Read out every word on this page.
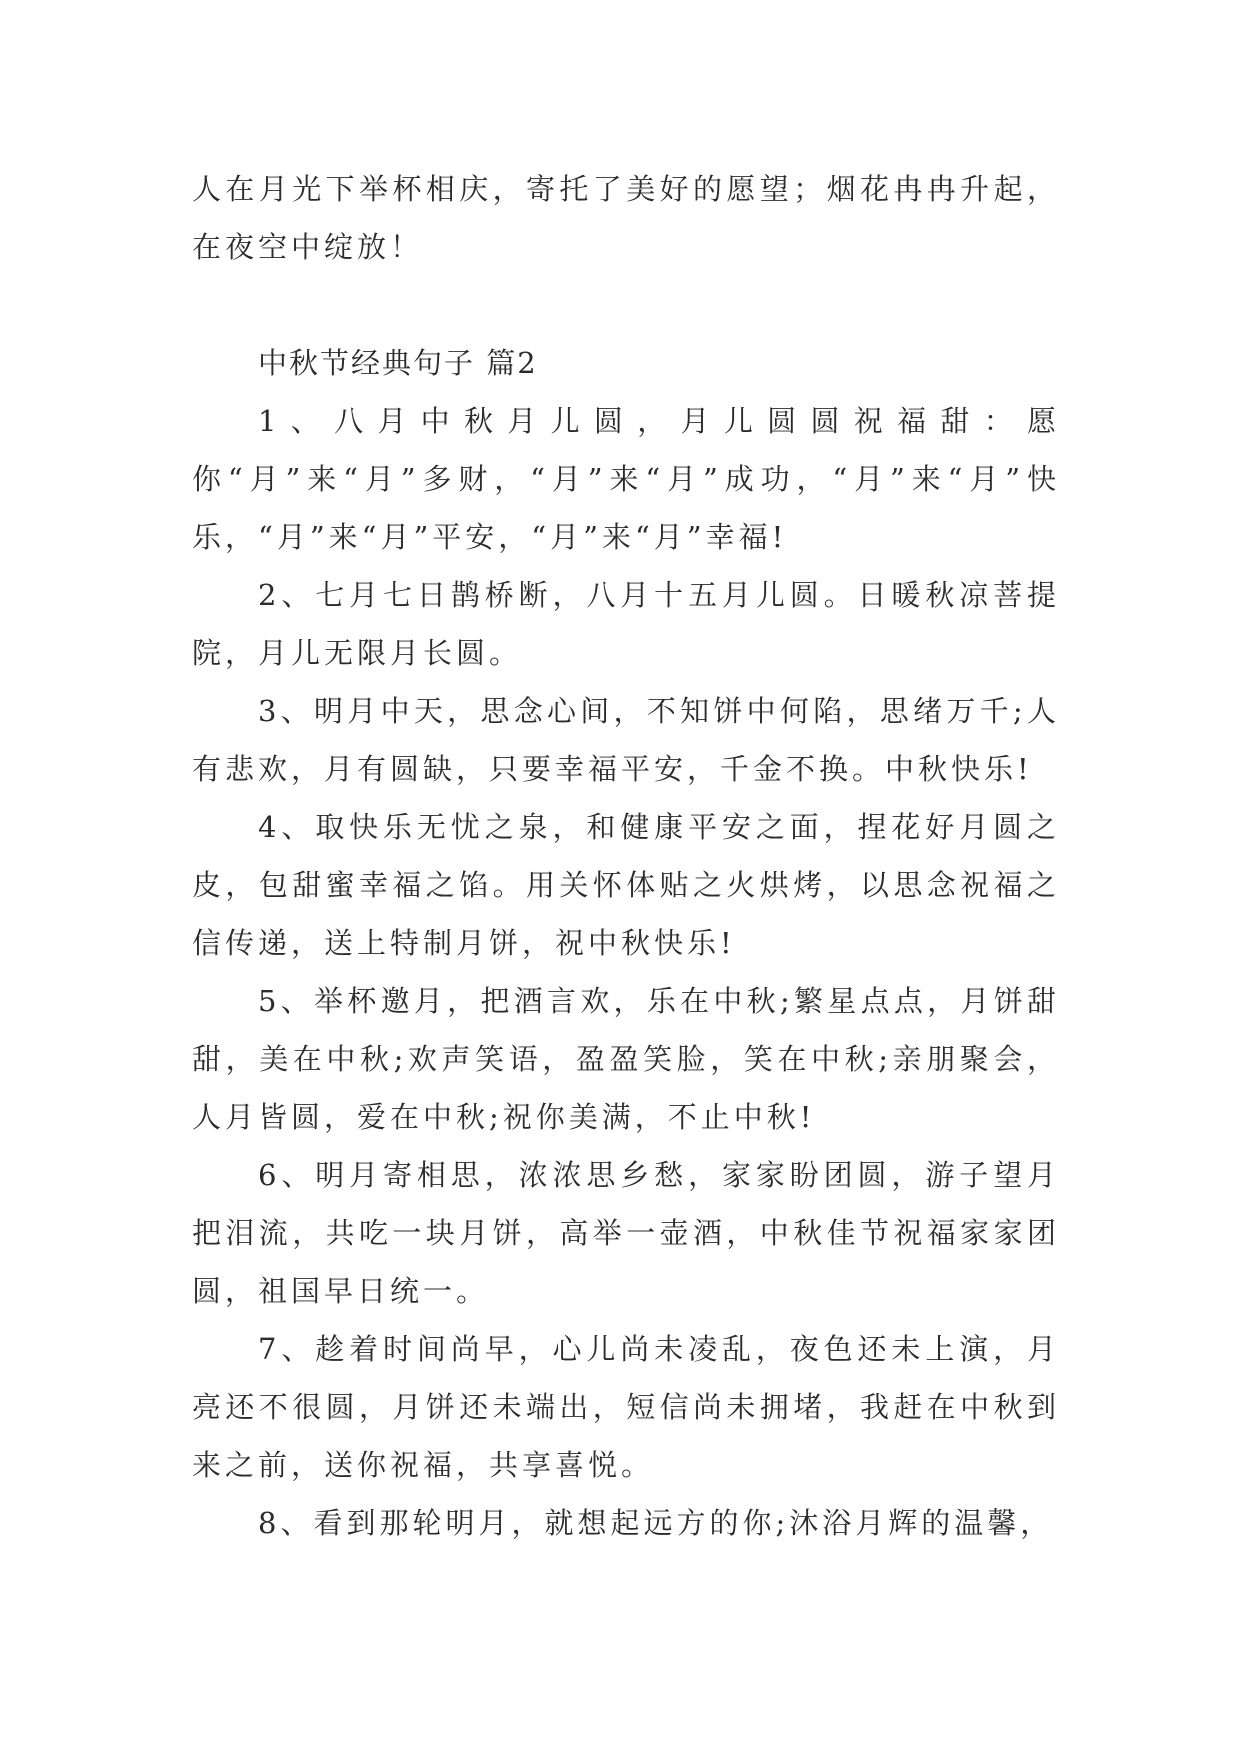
人在月光下举杯相庆，寄托了美好的愿望；烟花冉冉升起，在夜空中绽放！

中秋节经典句子 篇2

1、八月中秋月儿圆，月儿圆圆祝福甜：愿你“月”来“月”多财，“月”来“月”成功，“月”来“月”快乐，“月”来“月”平安，“月”来“月”幸福!

2、七月七日鹊桥断，八月十五月儿圆。日暖秋凉菩提院，月儿无限月长圆。

3、明月中天，思念心间，不知饼中何陷，思绪万千;人有悲欢，月有圆缺，只要幸福平安，千金不换。中秋快乐!

4、取快乐无忧之泉，和健康平安之面，捏花好月圆之皮，包甜蜜幸福之馅。用关怀体贴之火烘烤，以思念祝福之信传递，送上特制月饼，祝中秋快乐!

5、举杯邀月，把酒言欢，乐在中秋;繁星点点，月饼甜甜，美在中秋;欢声笑语，盈盈笑脸，笑在中秋;亲朋聚会，人月皆圆，爱在中秋;祝你美满，不止中秋!

6、明月寄相思，浓浓思乡愁，家家盼团圆，游子望月把泪流，共吃一块月饼，高举一壶酒，中秋佳节祝福家家团圆，祖国早日统一。

7、趁着时间尚早，心儿尚未凌乱，夜色还未上演，月亮还不很圆，月饼还未端出，短信尚未拥堵，我赶在中秋到来之前，送你祝福，共享喜悦。

8、看到那轮明月，就想起远方的你;沐浴月辉的温馨，
